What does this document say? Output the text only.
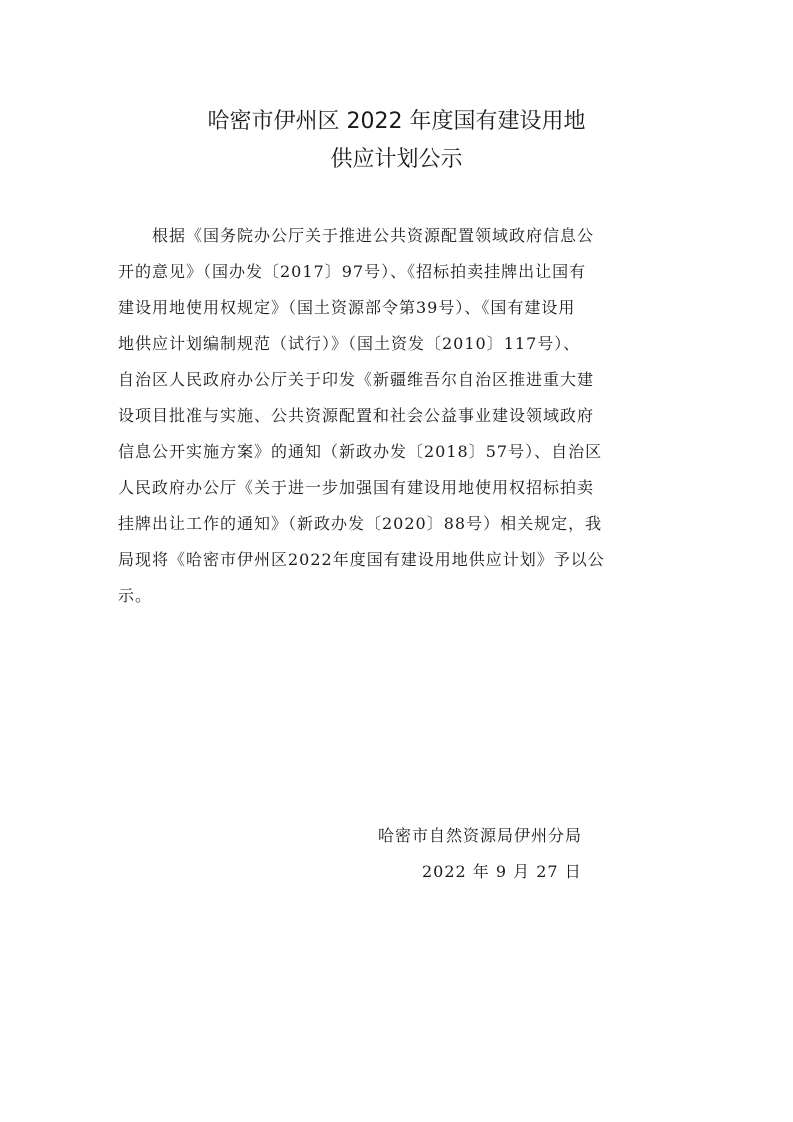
哈密市伊州区 2022 年度国有建设用地
供应计划公示
根据《国务院办公厅关于推进公共资源配置领域政府信息公
开的意见》（国办发〔2017〕97号）、《招标拍卖挂牌出让国有
建设用地使用权规定》（国土资源部令第39号）、《国有建设用
地供应计划编制规范（试行）》（国土资发〔2010〕117号）、
自治区人民政府办公厅关于印发《新疆维吾尔自治区推进重大建
设项目批准与实施、公共资源配置和社会公益事业建设领域政府
信息公开实施方案》的通知（新政办发〔2018〕57号）、自治区
人民政府办公厅《关于进一步加强国有建设用地使用权招标拍卖
挂牌出让工作的通知》（新政办发〔2020〕88号）相关规定，我
局现将《哈密市伊州区2022年度国有建设用地供应计划》予以公
示。
哈密市自然资源局伊州分局
2022 年 9 月 27 日
